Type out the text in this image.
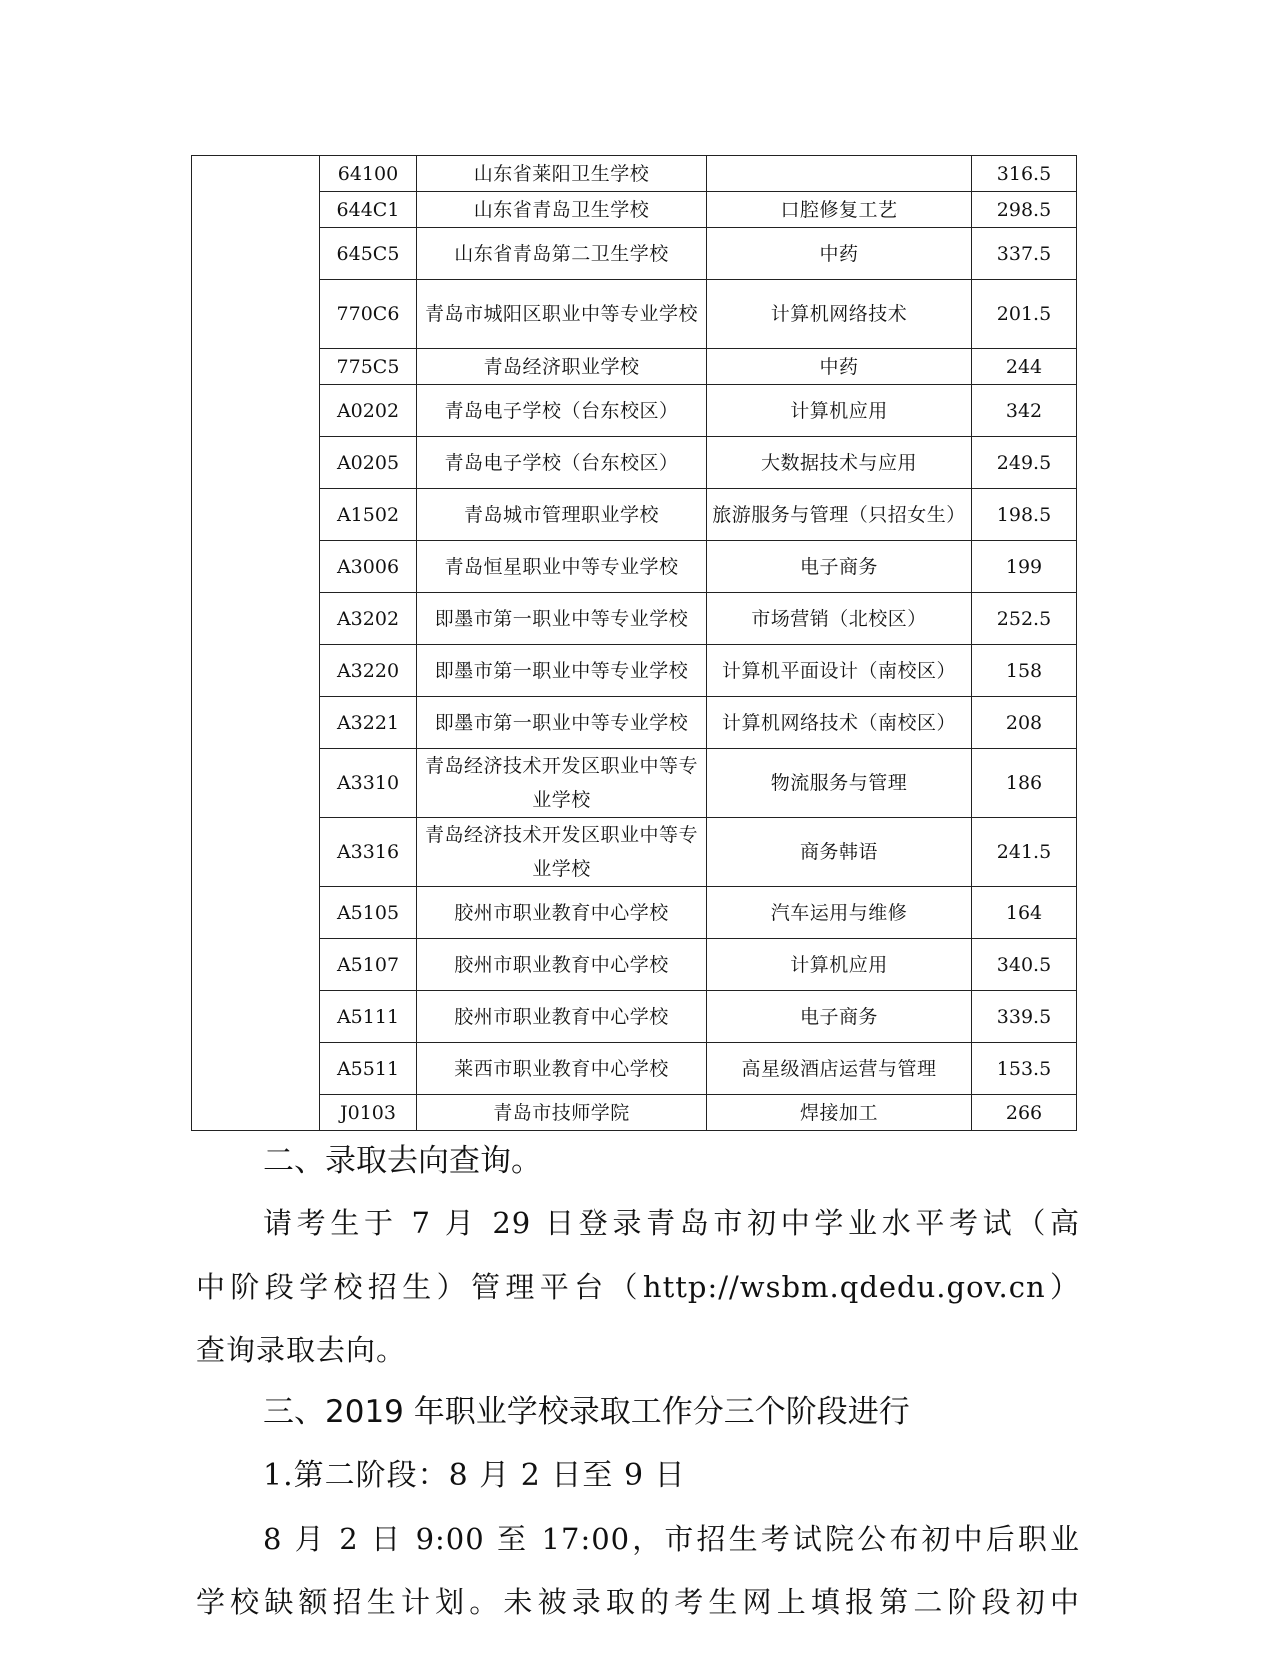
	64100	山东省莱阳卫生学校		316.5
	644C1	山东省青岛卫生学校	口腔修复工艺	298.5
	645C5	山东省青岛第二卫生学校	中药	337.5
	770C6	青岛市城阳区职业中等专业学校	计算机网络技术	201.5
	775C5	青岛经济职业学校	中药	244
	A0202	青岛电子学校（台东校区）	计算机应用	342
	A0205	青岛电子学校（台东校区）	大数据技术与应用	249.5
	A1502	青岛城市管理职业学校	旅游服务与管理（只招女生）	198.5
	A3006	青岛恒星职业中等专业学校	电子商务	199
	A3202	即墨市第一职业中等专业学校	市场营销（北校区）	252.5
	A3220	即墨市第一职业中等专业学校	计算机平面设计（南校区）	158
	A3221	即墨市第一职业中等专业学校	计算机网络技术（南校区）	208
	A3310	青岛经济技术开发区职业中等专业学校	物流服务与管理	186
	A3316	青岛经济技术开发区职业中等专业学校	商务韩语	241.5
	A5105	胶州市职业教育中心学校	汽车运用与维修	164
	A5107	胶州市职业教育中心学校	计算机应用	340.5
	A5111	胶州市职业教育中心学校	电子商务	339.5
	A5511	莱西市职业教育中心学校	高星级酒店运营与管理	153.5
	J0103	青岛市技师学院	焊接加工	266
二、录取去向查询。
请考生于 7 月 29 日登录青岛市初中学业水平考试（高
中阶段学校招生）管理平台（http://wsbm.qdedu.gov.cn）
查询录取去向。
三、2019 年职业学校录取工作分三个阶段进行
1.第二阶段：8 月 2 日至 9 日
8 月 2 日 9:00 至 17:00，市招生考试院公布初中后职业
学校缺额招生计划。未被录取的考生网上填报第二阶段初中
